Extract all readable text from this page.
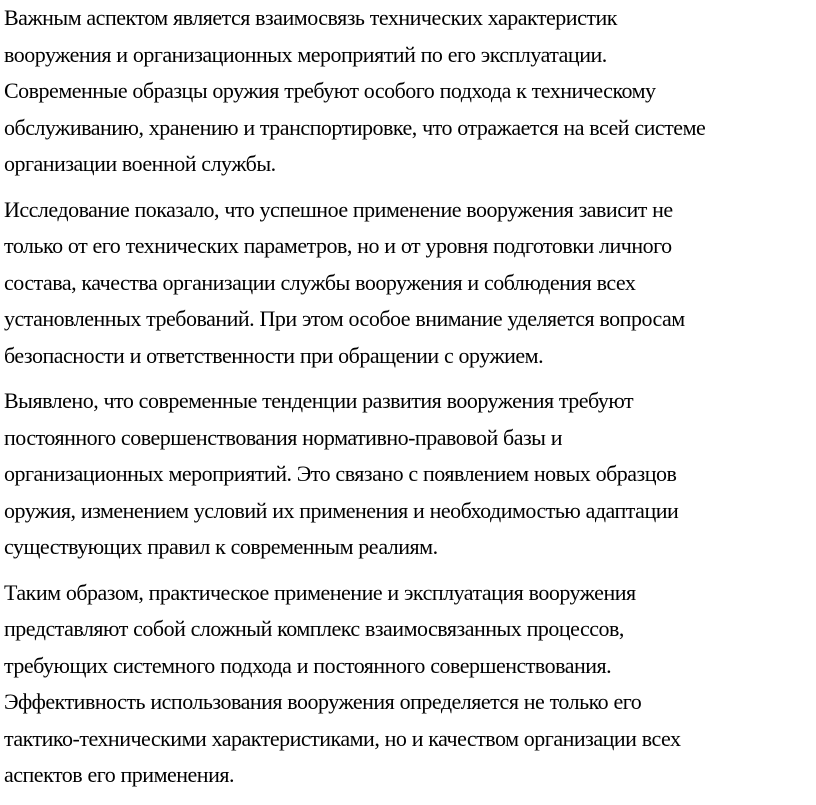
Важным аспектом является взаимосвязь технических характеристик
вооружения и организационных мероприятий по его эксплуатации.
Современные образцы оружия требуют особого подхода к техническому
обслуживанию, хранению и транспортировке, что отражается на всей системе
организации военной службы.

Исследование показало, что успешное применение вооружения зависит не
только от его технических параметров, но и от уровня подготовки личного
состава, качества организации службы вооружения и соблюдения всех
установленных требований. При этом особое внимание уделяется вопросам
безопасности и ответственности при обращении с оружием.

Выявлено, что современные тенденции развития вооружения требуют
постоянного совершенствования нормативно-правовой базы и
организационных мероприятий. Это связано с появлением новых образцов
оружия, изменением условий их применения и необходимостью адаптации
существующих правил к современным реалиям.

Таким образом, практическое применение и эксплуатация вооружения
представляют собой сложный комплекс взаимосвязанных процессов,
требующих системного подхода и постоянного совершенствования.
Эффективность использования вооружения определяется не только его
тактико-техническими характеристиками, но и качеством организации всех
аспектов его применения.
